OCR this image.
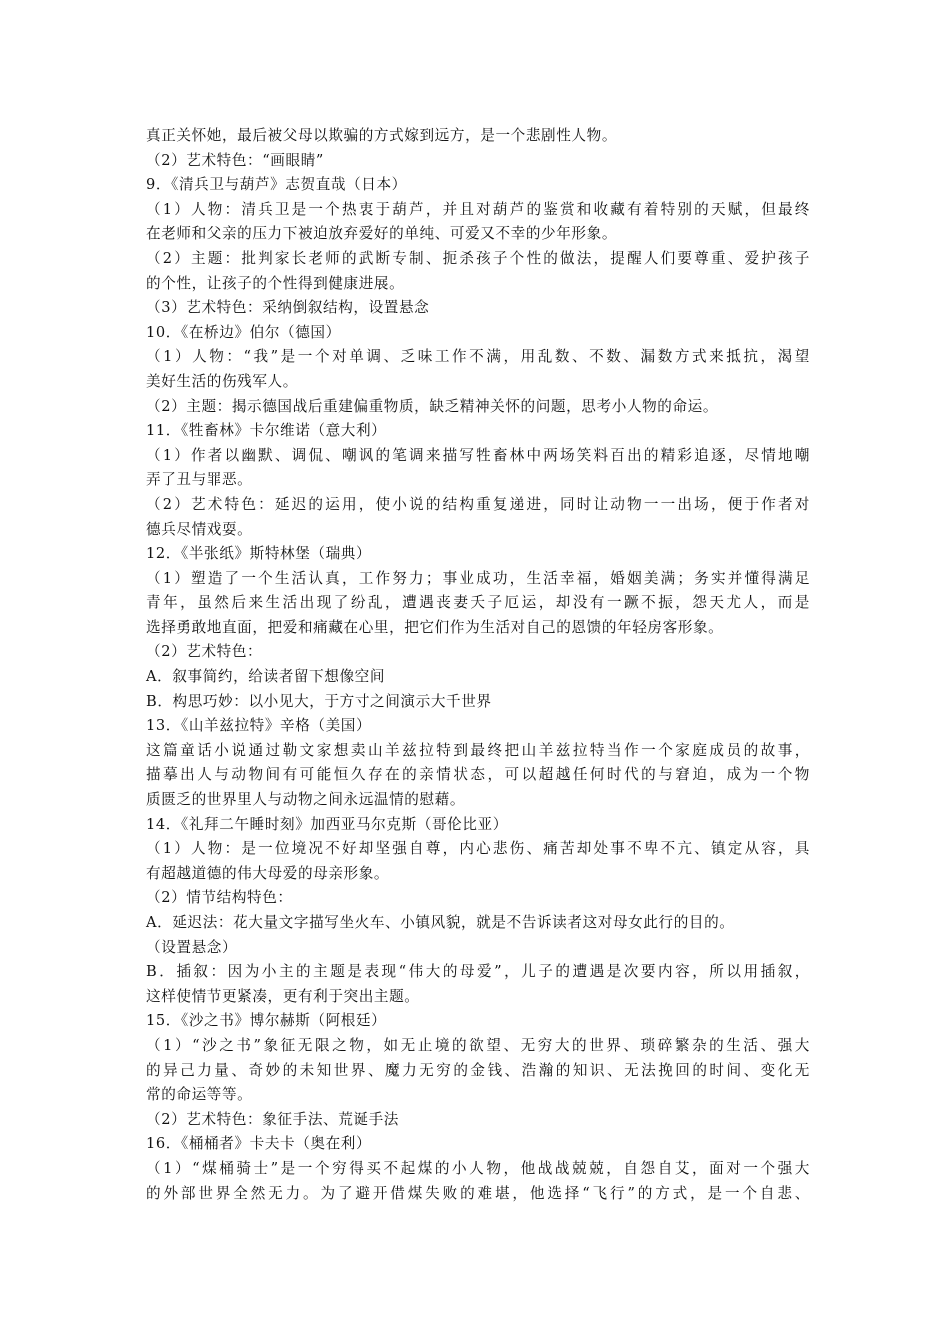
真正关怀她，最后被父母以欺骗的方式嫁到远方，是一个悲剧性人物。
（2）艺术特色：“画眼睛”
9．《清兵卫与葫芦》志贺直哉（日本）
（1）人物：清兵卫是一个热衷于葫芦，并且对葫芦的鉴赏和收藏有着特别的天赋，但最终
在老师和父亲的压力下被迫放弃爱好的单纯、可爱又不幸的少年形象。
（2）主题：批判家长老师的武断专制、扼杀孩子个性的做法，提醒人们要尊重、爱护孩子
的个性，让孩子的个性得到健康进展。
（3）艺术特色：采纳倒叙结构，设置悬念
10．《在桥边》伯尔（德国）
（1）人物：“我”是一个对单调、乏味工作不满，用乱数、不数、漏数方式来抵抗，渴望
美好生活的伤残军人。
（2）主题：揭示德国战后重建偏重物质，缺乏精神关怀的问题，思考小人物的命运。
11．《牲畜林》卡尔维诺（意大利）
（1）作者以幽默、调侃、嘲讽的笔调来描写牲畜林中两场笑料百出的精彩追逐，尽情地嘲
弄了丑与罪恶。
（2）艺术特色：延迟的运用，使小说的结构重复递进，同时让动物一一出场，便于作者对
德兵尽情戏耍。
12．《半张纸》斯特林堡（瑞典）
（1）塑造了一个生活认真，工作努力；事业成功，生活幸福，婚姻美满；务实并懂得满足
青年，虽然后来生活出现了纷乱，遭遇丧妻夭子厄运，却没有一蹶不振，怨天尤人，而是
选择勇敢地直面，把爱和痛藏在心里，把它们作为生活对自己的恩馈的年轻房客形象。
（2）艺术特色：
A．叙事简约，给读者留下想像空间
B．构思巧妙：以小见大，于方寸之间演示大千世界
13．《山羊兹拉特》辛格（美国）
这篇童话小说通过勒文家想卖山羊兹拉特到最终把山羊兹拉特当作一个家庭成员的故事，
描摹出人与动物间有可能恒久存在的亲情状态，可以超越任何时代的与窘迫，成为一个物
质匮乏的世界里人与动物之间永远温情的慰藉。
14．《礼拜二午睡时刻》加西亚马尔克斯（哥伦比亚）
（1）人物：是一位境况不好却坚强自尊，内心悲伤、痛苦却处事不卑不亢、镇定从容，具
有超越道德的伟大母爱的母亲形象。
（2）情节结构特色：
A．延迟法：花大量文字描写坐火车、小镇风貌，就是不告诉读者这对母女此行的目的。
（设置悬念）
B．插叙：因为小主的主题是表现“伟大的母爱”，儿子的遭遇是次要内容，所以用插叙，
这样使情节更紧凑，更有利于突出主题。
15．《沙之书》博尔赫斯（阿根廷）
（1）“沙之书”象征无限之物，如无止境的欲望、无穷大的世界、琐碎繁杂的生活、强大
的异己力量、奇妙的未知世界、魔力无穷的金钱、浩瀚的知识、无法挽回的时间、变化无
常的命运等等。
（2）艺术特色：象征手法、荒诞手法
16．《桶桶者》卡夫卡（奥在利）
（1）“煤桶骑士”是一个穷得买不起煤的小人物，他战战兢兢，自怨自艾，面对一个强大
的外部世界全然无力。为了避开借煤失败的难堪，他选择“飞行”的方式，是一个自悲、
